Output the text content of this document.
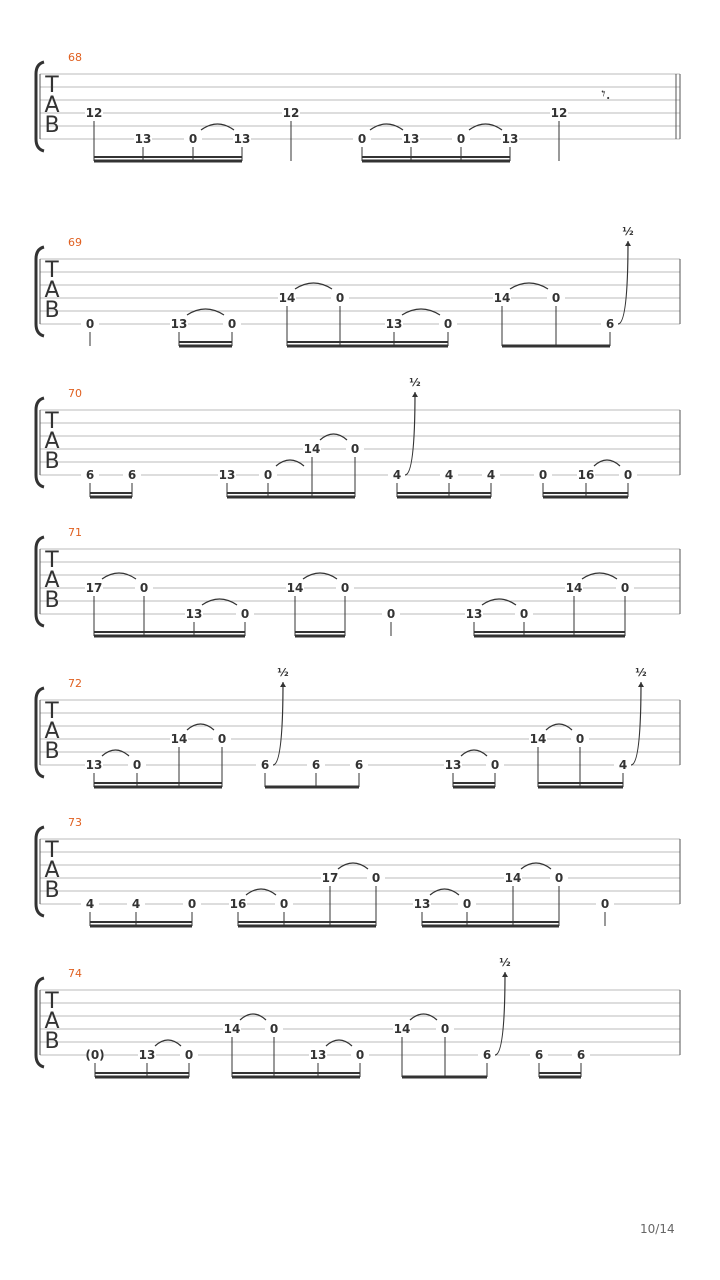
T
A
B
68
12
13	0	13
12
0	13	0	13
12
𝄾.
T
A
B
69
0	13	0
14	0
13	0
14	0
6
½
T
A
B
70
6	6	13 0
14	0
4	4	4	0	16 0
½
T
A
B
71
17	0
13	0
14	0
0	13	0
14	0
T
A
B
72
13	0
14	0
6	6	6	13 0
14 0
4
½	½
T
A
B
73
4	4	0	16	0
17	0
13	0
14	0
0
T
A
B
74
(0)	13 0
14 0
13 0
14	0
6	6	6
½
10/14
